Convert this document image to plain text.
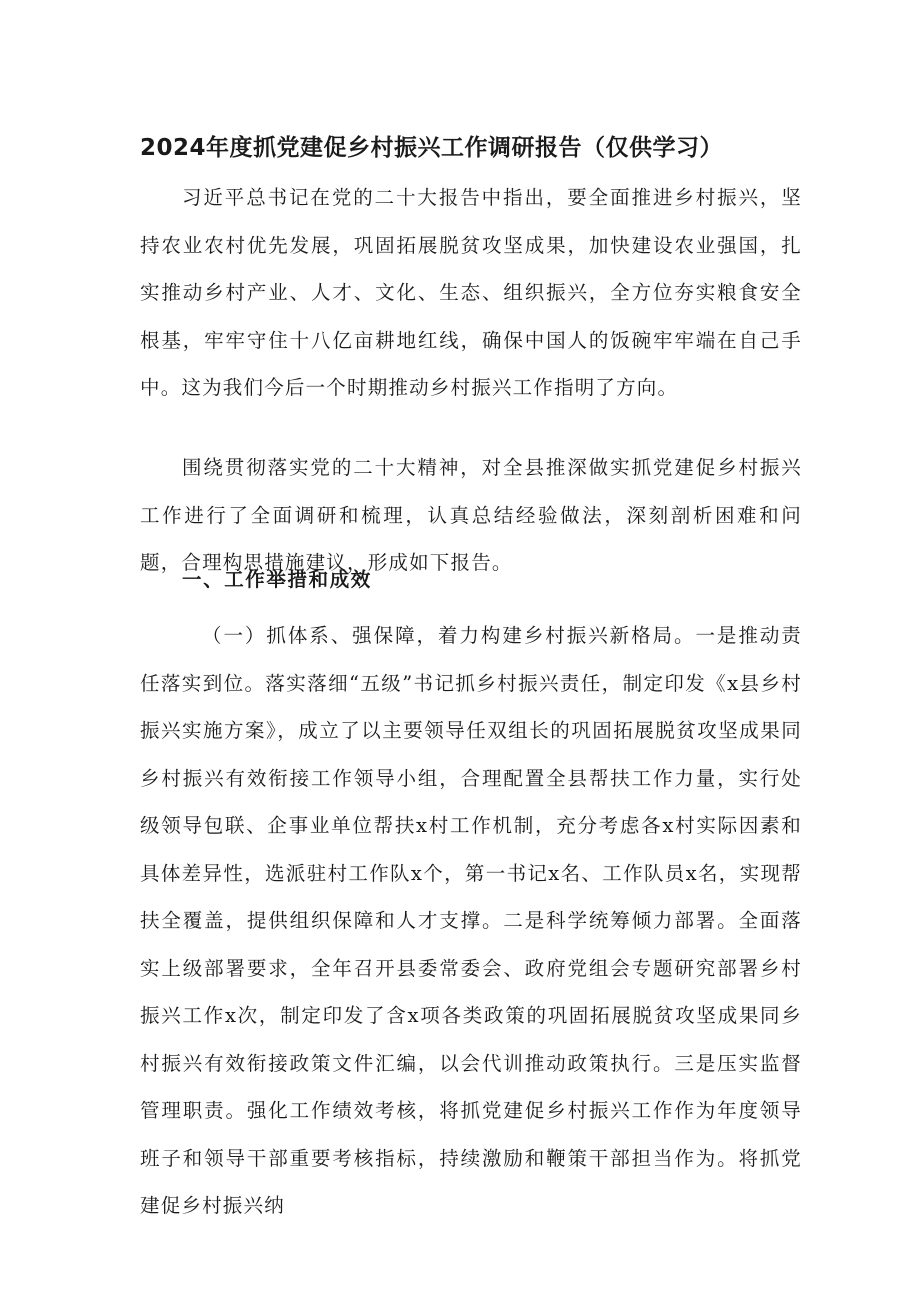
2024年度抓党建促乡村振兴工作调研报告（仅供学习）

习近平总书记在党的二十大报告中指出，要全面推进乡村振兴，坚持农业农村优先发展，巩固拓展脱贫攻坚成果，加快建设农业强国，扎实推动乡村产业、人才、文化、生态、组织振兴，全方位夯实粮食安全根基，牢牢守住十八亿亩耕地红线，确保中国人的饭碗牢牢端在自己手中。这为我们今后一个时期推动乡村振兴工作指明了方向。

围绕贯彻落实党的二十大精神，对全县推深做实抓党建促乡村振兴工作进行了全面调研和梳理，认真总结经验做法，深刻剖析困难和问题，合理构思措施建议，形成如下报告。

一、工作举措和成效

（一）抓体系、强保障，着力构建乡村振兴新格局。一是推动责任落实到位。落实落细“五级”书记抓乡村振兴责任，制定印发《x县乡村振兴实施方案》，成立了以主要领导任双组长的巩固拓展脱贫攻坚成果同乡村振兴有效衔接工作领导小组，合理配置全县帮扶工作力量，实行处级领导包联、企事业单位帮扶x村工作机制，充分考虑各x村实际因素和具体差异性，选派驻村工作队x个，第一书记x名、工作队员x名，实现帮扶全覆盖，提供组织保障和人才支撑。二是科学统筹倾力部署。全面落实上级部署要求，全年召开县委常委会、政府党组会专题研究部署乡村振兴工作x次，制定印发了含x项各类政策的巩固拓展脱贫攻坚成果同乡村振兴有效衔接政策文件汇编，以会代训推动政策执行。三是压实监督管理职责。强化工作绩效考核，将抓党建促乡村振兴工作作为年度领导班子和领导干部重要考核指标，持续激励和鞭策干部担当作为。将抓党建促乡村振兴纳
